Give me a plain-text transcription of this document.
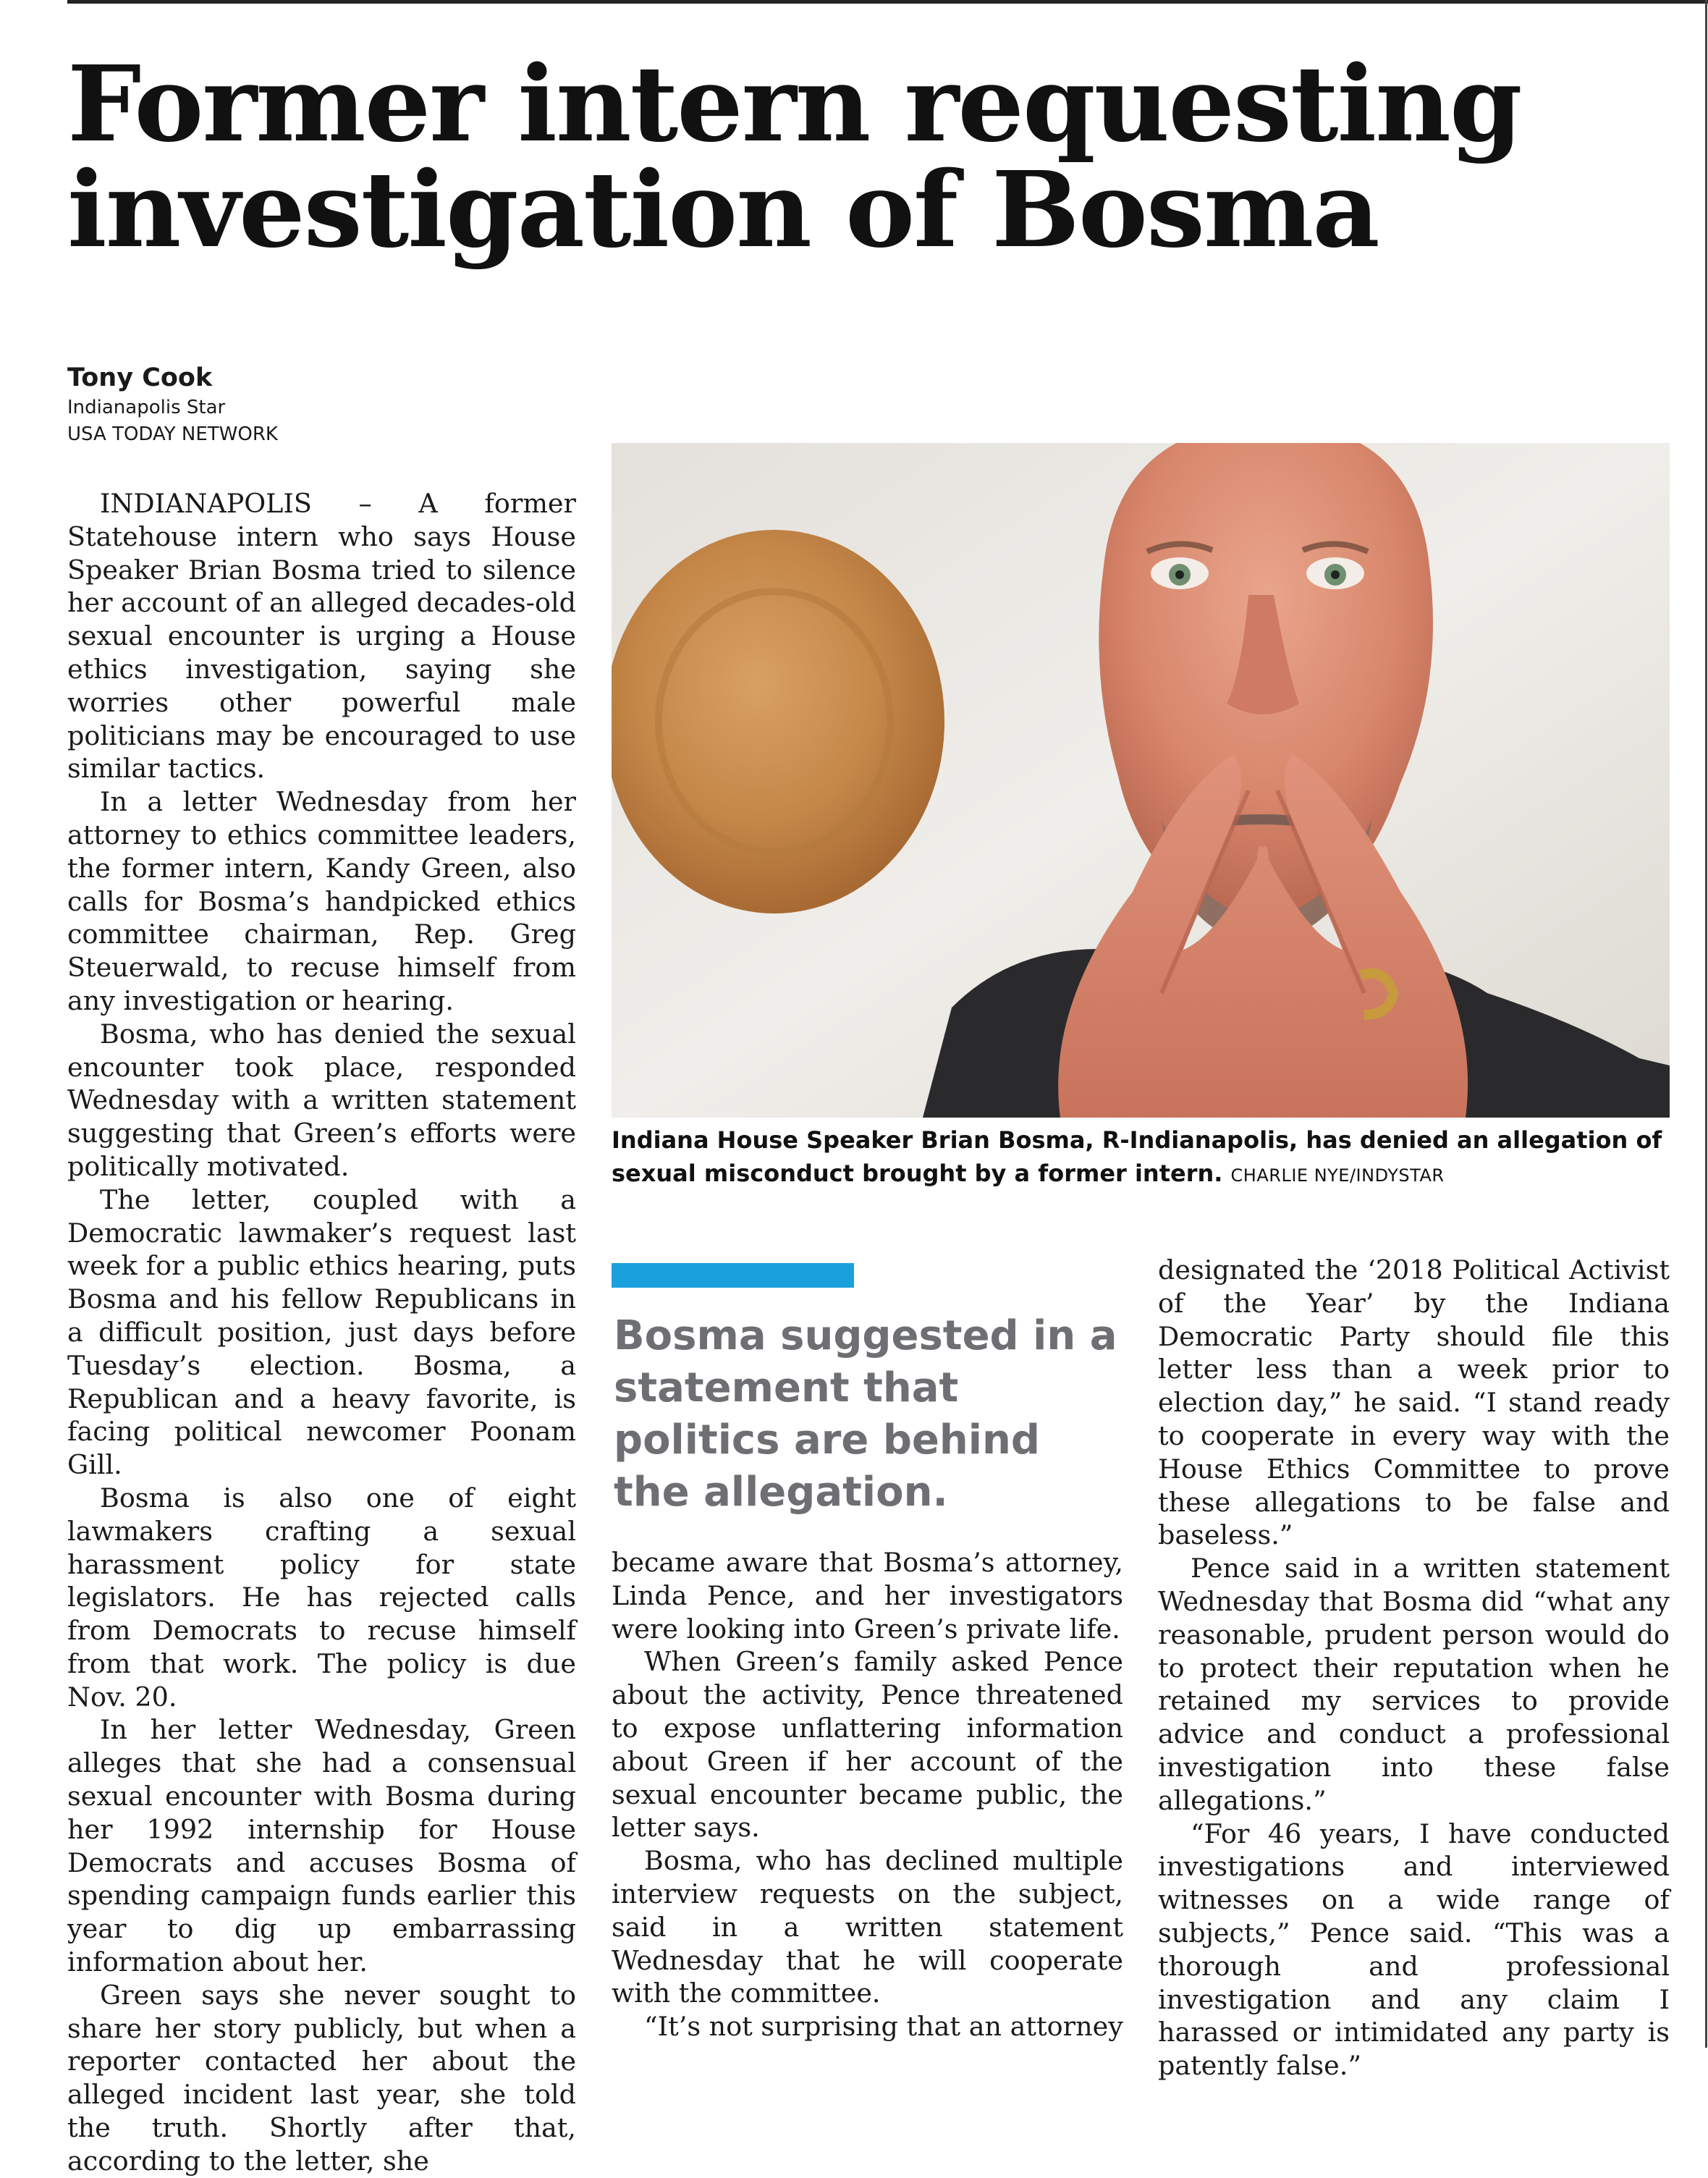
Former intern requesting
investigation of Bosma
Tony Cook
Indianapolis Star
USA TODAY NETWORK

INDIANAPOLIS – A former Statehouse intern who says House Speaker Brian Bosma tried to silence her account of an alleged decades-old sexual encounter is urging a House ethics investigation, saying she worries other powerful male politicians may be encouraged to use similar tactics.

In a letter Wednesday from her attorney to ethics committee leaders, the former intern, Kandy Green, also calls for Bosma’s handpicked ethics committee chairman, Rep. Greg Steuerwald, to recuse himself from any investigation or hearing.

Bosma, who has denied the sexual encounter took place, responded Wednesday with a written statement suggesting that Green’s efforts were politically motivated.

The letter, coupled with a Democratic lawmaker’s request last week for a public ethics hearing, puts Bosma and his fellow Republicans in a difficult position, just days before Tuesday’s election. Bosma, a Republican and a heavy favorite, is facing political newcomer Poonam Gill.

Bosma is also one of eight lawmakers crafting a sexual harassment policy for state legislators. He has rejected calls from Democrats to recuse himself from that work. The policy is due Nov. 20.

In her letter Wednesday, Green alleges that she had a consensual sexual encounter with Bosma during her 1992 internship for House Democrats and accuses Bosma of spending campaign funds earlier this year to dig up embarrassing information about her.

Green says she never sought to share her story publicly, but when a reporter contacted her about the alleged incident last year, she told the truth. Shortly after that, according to the letter, she

Indiana House Speaker Brian Bosma, R-Indianapolis, has denied an allegation of sexual misconduct brought by a former intern. CHARLIE NYE/INDYSTAR

Bosma suggested in a statement that politics are behind the allegation.

became aware that Bosma’s attorney, Linda Pence, and her investigators were looking into Green’s private life.

When Green’s family asked Pence about the activity, Pence threatened to expose unflattering information about Green if her account of the sexual encounter became public, the letter says.

Bosma, who has declined multiple interview requests on the subject, said in a written statement Wednesday that he will cooperate with the committee.

“It’s not surprising that an attorney

designated the ‘2018 Political Activist of the Year’ by the Indiana Democratic Party should file this letter less than a week prior to election day,” he said. “I stand ready to cooperate in every way with the House Ethics Committee to prove these allegations to be false and baseless.”

Pence said in a written statement Wednesday that Bosma did “what any reasonable, prudent person would do to protect their reputation when he retained my services to provide advice and conduct a professional investigation into these false allegations.”

“For 46 years, I have conducted investigations and interviewed witnesses on a wide range of subjects,” Pence said. “This was a thorough and professional investigation and any claim I harassed or intimidated any party is patently false.”
